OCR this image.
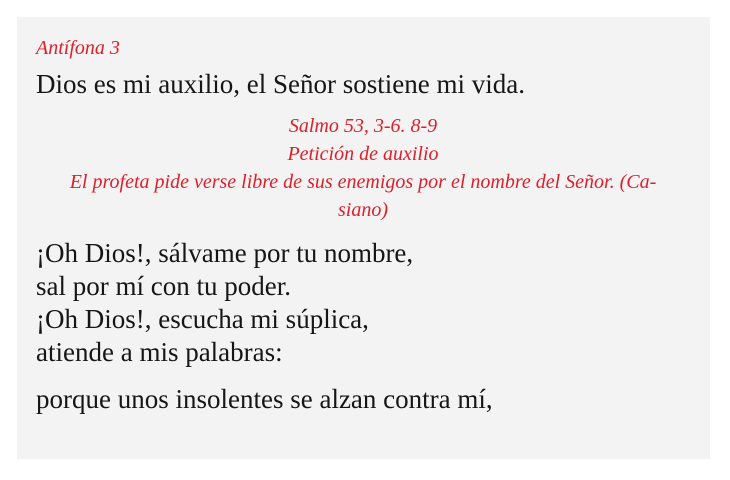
Antífona 3
Dios es mi auxilio, el Señor sostiene mi vida.
Salmo 53, 3-6. 8-9
Petición de auxilio
El profeta pide verse libre de sus enemigos por el nombre del Señor. (Ca-
siano)
¡Oh Dios!, sálvame por tu nombre,
sal por mí con tu poder.
¡Oh Dios!, escucha mi súplica,
atiende a mis palabras:
porque unos insolentes se alzan contra mí,
